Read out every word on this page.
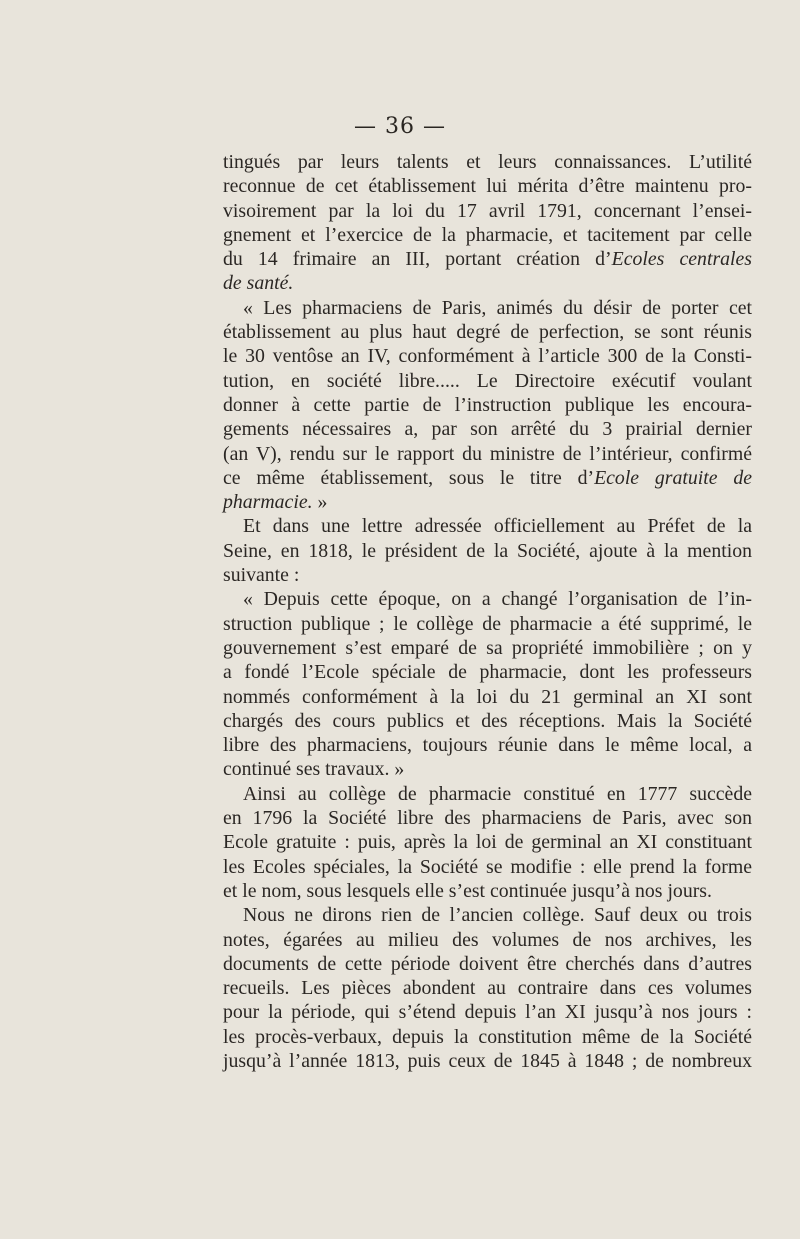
— 36 —
tingués par leurs talents et leurs connaissances. L’utilité
reconnue de cet établissement lui mérita d’être maintenu pro-
visoirement par la loi du 17 avril 1791, concernant l’ensei-
gnement et l’exercice de la pharmacie, et tacitement par celle
du 14 frimaire an III, portant création d’Ecoles centrales
de santé.
« Les pharmaciens de Paris, animés du désir de porter cet
établissement au plus haut degré de perfection, se sont réunis
le 30 ventôse an IV, conformément à l’article 300 de la Consti-
tution, en société libre..... Le Directoire exécutif voulant
donner à cette partie de l’instruction publique les encoura-
gements nécessaires a, par son arrêté du 3 prairial dernier
(an V), rendu sur le rapport du ministre de l’intérieur, confirmé
ce même établissement, sous le titre d’Ecole gratuite de
pharmacie. »
Et dans une lettre adressée officiellement au Préfet de la
Seine, en 1818, le président de la Société, ajoute à la mention
suivante :
« Depuis cette époque, on a changé l’organisation de l’in-
struction publique ; le collège de pharmacie a été supprimé, le
gouvernement s’est emparé de sa propriété immobilière ; on y
a fondé l’Ecole spéciale de pharmacie, dont les professeurs
nommés conformément à la loi du 21 germinal an XI sont
chargés des cours publics et des réceptions. Mais la Société
libre des pharmaciens, toujours réunie dans le même local, a
continué ses travaux. »
Ainsi au collège de pharmacie constitué en 1777 succède
en 1796 la Société libre des pharmaciens de Paris, avec son
Ecole gratuite : puis, après la loi de germinal an XI constituant
les Ecoles spéciales, la Société se modifie : elle prend la forme
et le nom, sous lesquels elle s’est continuée jusqu’à nos jours.
Nous ne dirons rien de l’ancien collège. Sauf deux ou trois
notes, égarées au milieu des volumes de nos archives, les
documents de cette période doivent être cherchés dans d’autres
recueils. Les pièces abondent au contraire dans ces volumes
pour la période, qui s’étend depuis l’an XI jusqu’à nos jours :
les procès-verbaux, depuis la constitution même de la Société
jusqu’à l’année 1813, puis ceux de 1845 à 1848 ; de nombreux
